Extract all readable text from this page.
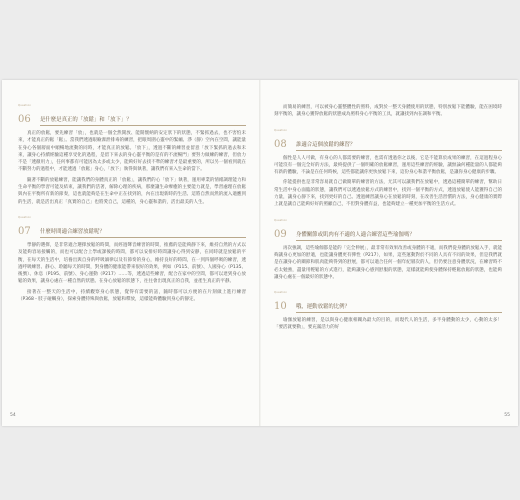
Question
06	是什麼是真正的「放鬆」和「放下」？

真正的放鬆，要先練習「放」，也就是一個全然開放、能開懷納的安定狀下的狀態，不緊抓過去，也不害怕未來，才能真正的鬆「鬆」。當我們透過眼瞼瀑泄排毒的練習，把眼周圍心靈中的緊繃、淨（靜）空內在空間，讓能量在身心各個層面中順暢地流動的同時，才能真正的放鬆。「放下」，透過不斷的練習並留意「放下緊抓的過去和未來，讓身心持續經驗這種享受化的過程，是留下來去的身心靈平衡的是有的不流暢門」要努力做練的練習，但放力不是「透徹用力」，任何事都有可能因為太多或太少，能夠好好去找不準的練習才是最重要的，所以另一個看到就在不斷努力的過程中，才能透過「放鬆」身心，「放下」執得與執著，讓我們有來入生命的當下。

隨著不斷的放鬆練習，能讓我們的身體真正的「放鬆」，讓我們的心「放下」執著，運用專業的情緒調理能力和生命平衡的學習可能及結束，讓我們的活著，解除心理的疾病，那麼讓生命療癒的主要能力就是，學習處理在放鬆與內在平衡所有新的節奏，這也就能夠是在生命中正在找到的，內在出現新時的生活、這將自然而然的流入適應到的生活，就是活出真正「真實的自己」也將愛自己，這種的，身心靈和諧的，活出最美的人生。

Question
07	什麼時間適合練習放鬆呢？

學靜的選擇，是非常適合選擇放鬆的時間，而經過聲音練習的時間，推薦的是能夠靜下來，維持自然的方式以及能夠容易接觸的，而也可以配合上學或課後的時間，都可以安排好時間讓身心得到安靜，在同時就是放鬆的平衡，在每天的生活中，培養出與自身的呼吸韻律以及有節奏的身心，維持良好的時間，在一到四個呼吸的練習，透過呼吸練習、靜心、聆聽每天的時間，對身體的健康能帶來很好的效果，例如（P115、前號）、人國身心（P135、後號）、休息（P195、前號）、身心運動（P217）……等，透過這些練習，配合在家中的空間，都可以達到身心放鬆的效果，讓身心處在一種自然的狀態。在身心放鬆的狀態下，往往會出現真正的自我，並產生真正的平靜。

接著在一整天的生活中，持續觀察身心狀態，覺得有需要的話，隨時都可以方便的在片刻做上進行練習（P368・肢子碰觸身），探索身體特殊與放鬆，放鬆和釋放，這樣能夠體驗到身心的靜定。

而簡易的練習，可以被身心靈整體性的照料，成對於一整天身體使用的狀態，特別放鬆下能體驗，能在困境時刻平衡的，讓身心獲得放鬆的狀態成為照料身心平衡的工具，就讓找到內在調和平衡。

Question
08	誰適合這個放鬆的練習？

個性是人人可做，有身心的人都需要的練習，也需有透過你之以後，它是不能算於成果的練習，在這過程身心可能沒有一個完全好的方法，最終提供了一個明確的放鬆練習，運用這些練習的經驗，讓無論何種能量的人都能夠有新的體驗，不論是在任何時候，這些都能讓你更快放鬆下來，這份身心和諧平衡放鬆，是讓你身心健康的步驟。

你能提供也是非常容易就自己做簡單的練習的方法，尤其可以讓我們在放鬆中，透過這種簡單的練習，幫助日常生活中身心面臨的狀態，讓我們可以透過放鬆方式的練習中，找到一個平衡的方式，透過放鬆使人能獲得自己的力量，讓身心靜下來，找到更好的自己。透過練習讓身心在放鬆的時刻，在改善生活習慣的方法，身心健康的實際上就是讓自己能夠好好的照顧自己，不但對身體有益，也能夠建立一種更加平衡的生活方式。

Question
09	身體關節或肌肉有不適的人適合練習這些瑜伽嗎？

再次強調，這些瑜伽都是能的「完全伸展」，最非常有效果改善或身體的不適，而我們從身體的放鬆入手，就能夠讓身心更加的舒適，也能讓身體更有彈性（P217），如果，這些運動對於不同的人具有不同的效果，但是我們就是在讓身心的關節和肌肉能夠得到的舒展，都可以適合任何一個年紀層次的人，但仍要注意身體狀況，在練習時不必太勉強，盡量用輕鬆的方式進行，能夠讓身心感到舒服的狀態，這樣就能夠使身體保持輕鬆放鬆的狀態，也能夠讓身心處在一個最好的狀態中。

Question
10	哦，運動放鬆的比例？

瑜伽放鬆的練習，是以與身心健康相關為最大的目的，而現代人的生活，多半身體動的太少，心動的太多！「要活就要動」，要充滿活力的好

54	55
